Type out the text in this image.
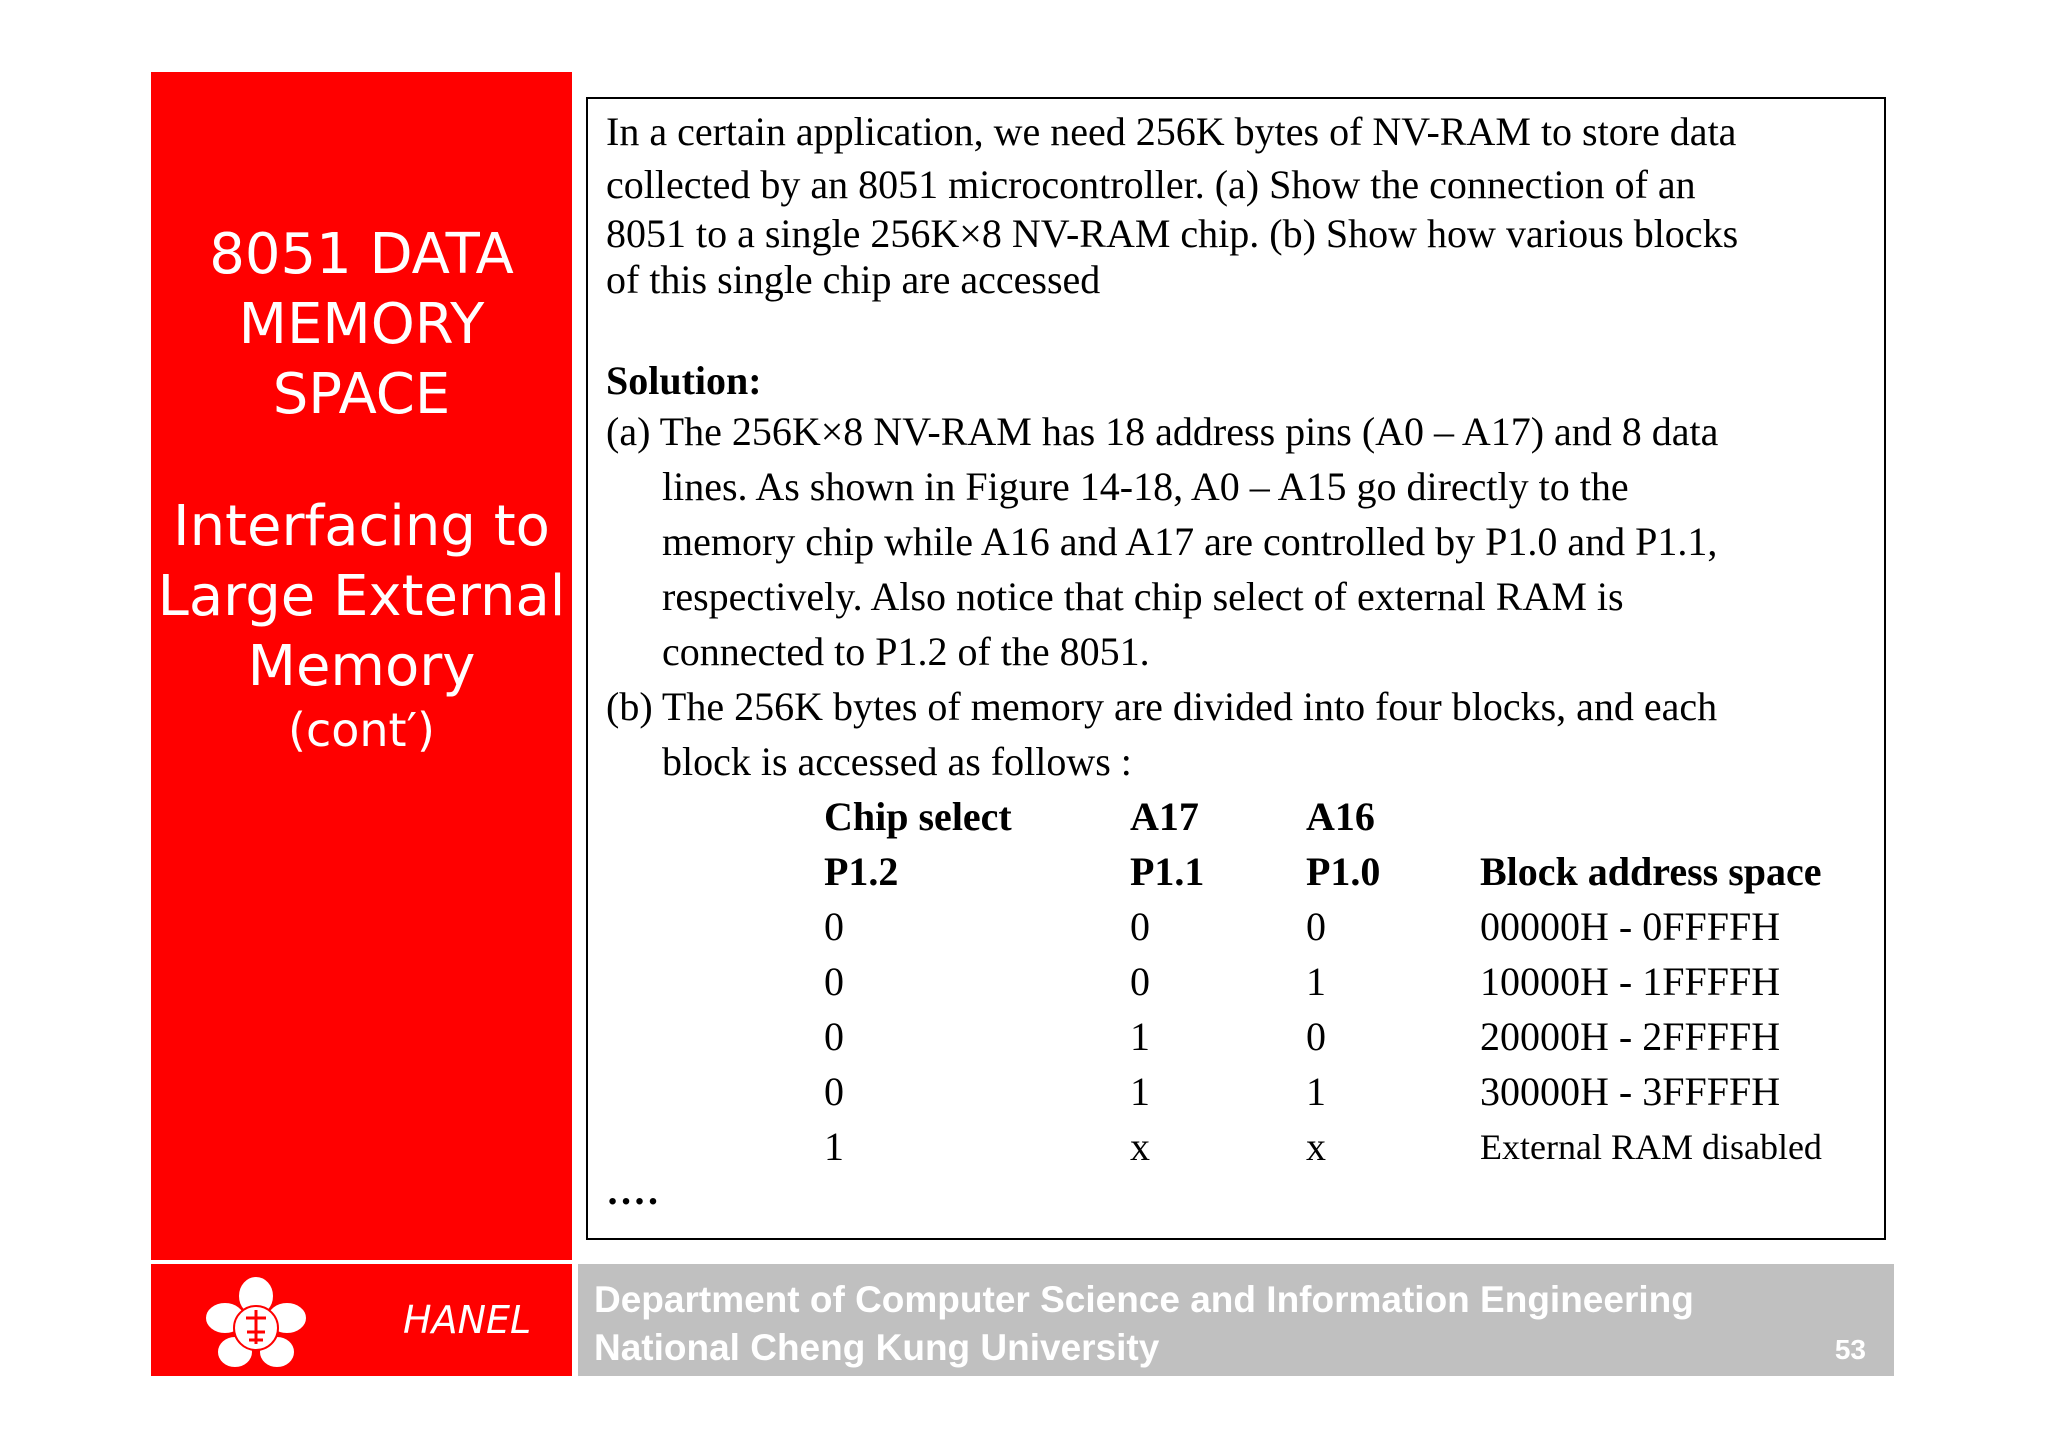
8051 DATA
MEMORY
SPACE
Interfacing to
Large External
Memory
(cont′)
In a certain application, we need 256K bytes of NV-RAM to store data
collected by an 8051 microcontroller. (a) Show the connection of an
8051 to a single 256K×8 NV-RAM chip. (b) Show how various blocks
of this single chip are accessed
Solution:
(a) The 256K×8 NV-RAM has 18 address pins (A0 – A17) and 8 data
lines. As shown in Figure 14-18, A0 – A15 go directly to the
memory chip while A16 and A17 are controlled by P1.0 and P1.1,
respectively. Also notice that chip select of external RAM is
connected to P1.2 of the 8051.
(b) The 256K bytes of memory are divided into four blocks, and each
block is accessed as follows :
Chip select	A17	A16	
P1.2	P1.1	P1.0	Block address space
0	0	0	00000H - 0FFFFH
0	0	1	10000H - 1FFFFH
0	1	0	20000H - 2FFFFH
0	1	1	30000H - 3FFFFH
1	x	x	External RAM disabled
….
HANEL Department of Computer Science and Information Engineering
National Cheng Kung University	53
